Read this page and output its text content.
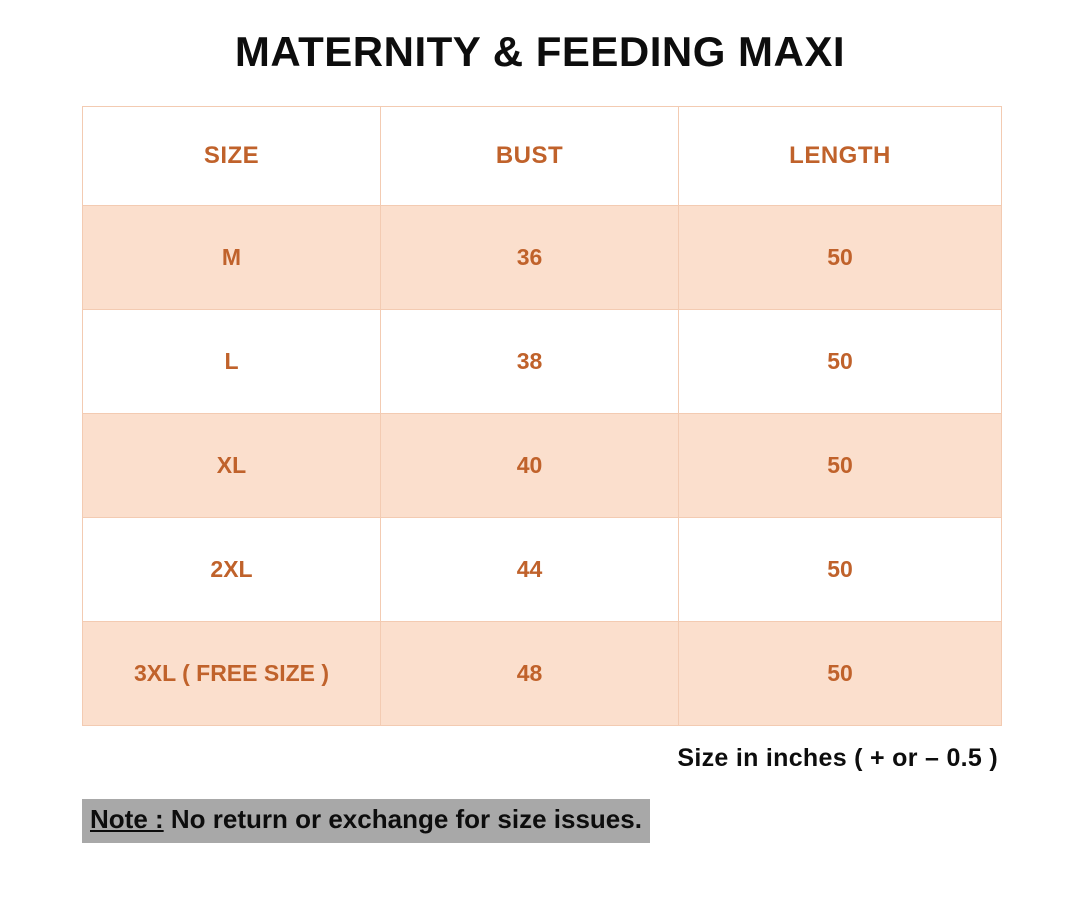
MATERNITY & FEEDING MAXI
SIZE	BUST	LENGTH
M	36	50
L	38	50
XL	40	50
2XL	44	50
3XL ( FREE SIZE )	48	50
Size in inches ( + or – 0.5 )
Note : No return or exchange for size issues.
